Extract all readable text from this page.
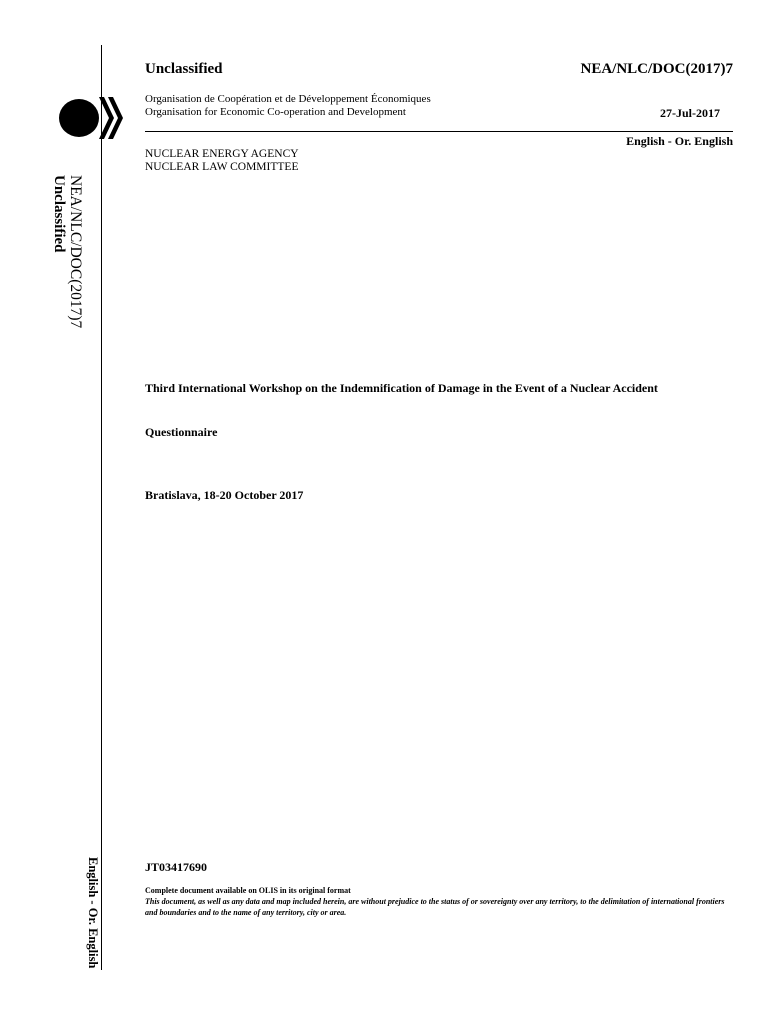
NEA/NLC/DOC(2017)7
Unclassified
English - Or. English
Unclassified	NEA/NLC/DOC(2017)7
Organisation de Coopération et de Développement Économiques
Organisation for Economic Co-operation and Development	27-Jul-2017
English - Or. English
NUCLEAR ENERGY AGENCY
NUCLEAR LAW COMMITTEE
Third International Workshop on the Indemnification of Damage in the Event of a Nuclear Accident
Questionnaire
Bratislava, 18-20 October 2017
JT03417690
Complete document available on OLIS in its original format
This document, as well as any data and map included herein, are without prejudice to the status of or sovereignty over any territory, to the delimitation of international frontiers and boundaries and to the name of any territory, city or area.
